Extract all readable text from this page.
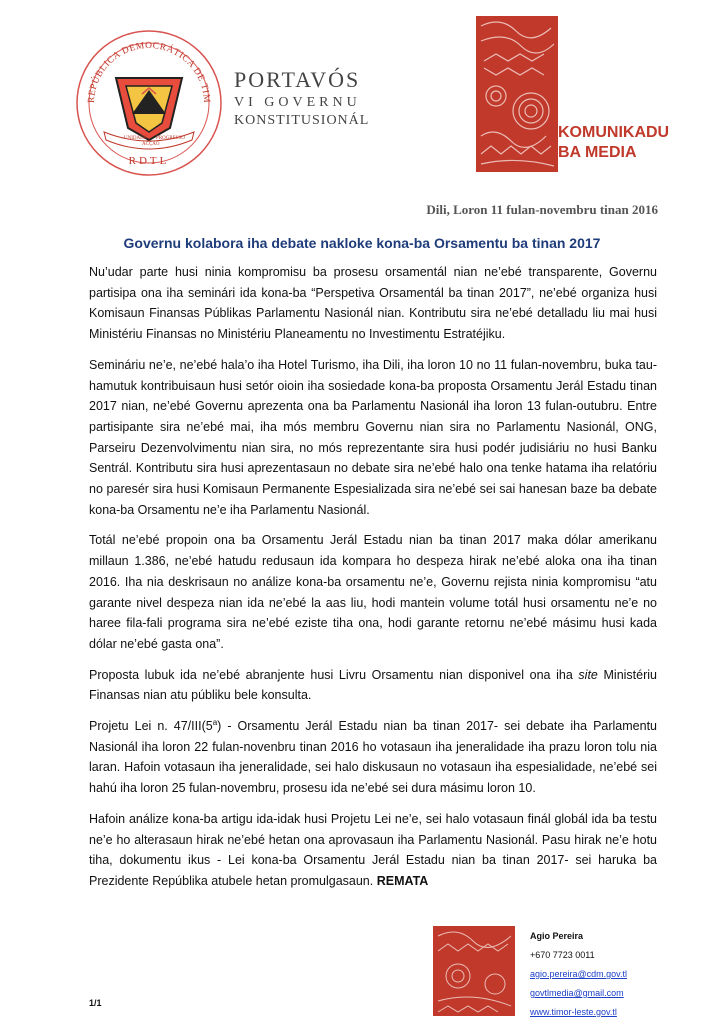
REPÚBLICA DEMOCRÁTICA DE TIM
UNIDADE
ACÇÃO
PROGRESSO
RDTL
PORTAVÓS
VI GOVERNU
KONSTITUSIONÁL
KOMUNIKADU
BA MEDIA
Dili, Loron 11 fulan-novembru tinan 2016
Governu kolabora iha debate nakloke kona-ba Orsamentu ba tinan 2017

Nu’udar parte husi ninia kompromisu ba prosesu orsamentál nian ne’ebé transparente, Governu partisipa ona iha seminári ida kona-ba “Perspetiva Orsamentál ba tinan 2017”, ne’ebé organiza husi Komisaun Finansas Públikas Parlamentu Nasionál nian. Kontributu sira ne’ebé detalladu liu mai husi Ministériu Finansas no Ministériu Planeamentu no Investimentu Estratéjiku.

Semináriu ne’e, ne’ebé hala’o iha Hotel Turismo, iha Dili, iha loron 10 no 11 fulan-novembru, buka tau-hamutuk kontribuisaun husi setór oioin iha sosiedade kona-ba proposta Orsamentu Jerál Estadu tinan 2017 nian, ne’ebé Governu aprezenta ona ba Parlamentu Nasionál iha loron 13 fulan-outubru. Entre partisipante sira ne’ebé mai, iha mós membru Governu nian sira no Parlamentu Nasionál, ONG, Parseiru Dezenvolvimentu nian sira, no mós reprezentante sira husi podér judisiáriu no husi Banku Sentrál. Kontributu sira husi aprezentasaun no debate sira ne’ebé halo ona tenke hatama iha relatóriu no paresér sira husi Komisaun Permanente Espesializada sira ne’ebé sei sai hanesan baze ba debate kona-ba Orsamentu ne’e iha Parlamentu Nasionál.

Totál ne’ebé propoin ona ba Orsamentu Jerál Estadu nian ba tinan 2017 maka dólar amerikanu millaun 1.386, ne’ebé hatudu redusaun ida kompara ho despeza hirak ne’ebé aloka ona iha tinan 2016. Iha nia deskrisaun no análize kona-ba orsamentu ne’e, Governu rejista ninia kompromisu “atu garante nivel despeza nian ida ne’ebé la aas liu, hodi mantein volume totál husi orsamentu ne’e no haree fila-fali programa sira ne’ebé eziste tiha ona, hodi garante retornu ne’ebé másimu husi kada dólar ne’ebé gasta ona”.

Proposta lubuk ida ne’ebé abranjente husi Livru Orsamentu nian disponivel ona iha site Ministériu Finansas nian atu públiku bele konsulta.

Projetu Lei n. 47/III(5$^a$) - Orsamentu Jerál Estadu nian ba tinan 2017- sei debate iha Parlamentu Nasionál iha loron 22 fulan-novenbru tinan 2016 ho votasaun iha jeneralidade iha prazu loron tolu nia laran. Hafoin votasaun iha jeneralidade, sei halo diskusaun no votasaun iha espesialidade, ne’ebé sei hahú iha loron 25 fulan-novembru, prosesu ida ne’ebé sei dura másimu loron 10.

Hafoin análize kona-ba artigu ida-idak husi Projetu Lei ne’e, sei halo votasaun finál globál ida ba testu ne’e ho alterasaun hirak ne’ebé hetan ona aprovasaun iha Parlamentu Nasionál. Pasu hirak ne’e hotu tiha, dokumentu ikus - Lei kona-ba Orsamentu Jerál Estadu nian ba tinan 2017- sei haruka ba Prezidente Repúblika atubele hetan promulgasaun. REMATA

Agio Pereira
+670 7723 0011
agio.pereira@cdm.gov.tl
govtlmedia@gmail.com
www.timor-leste.gov.tl
1/1
